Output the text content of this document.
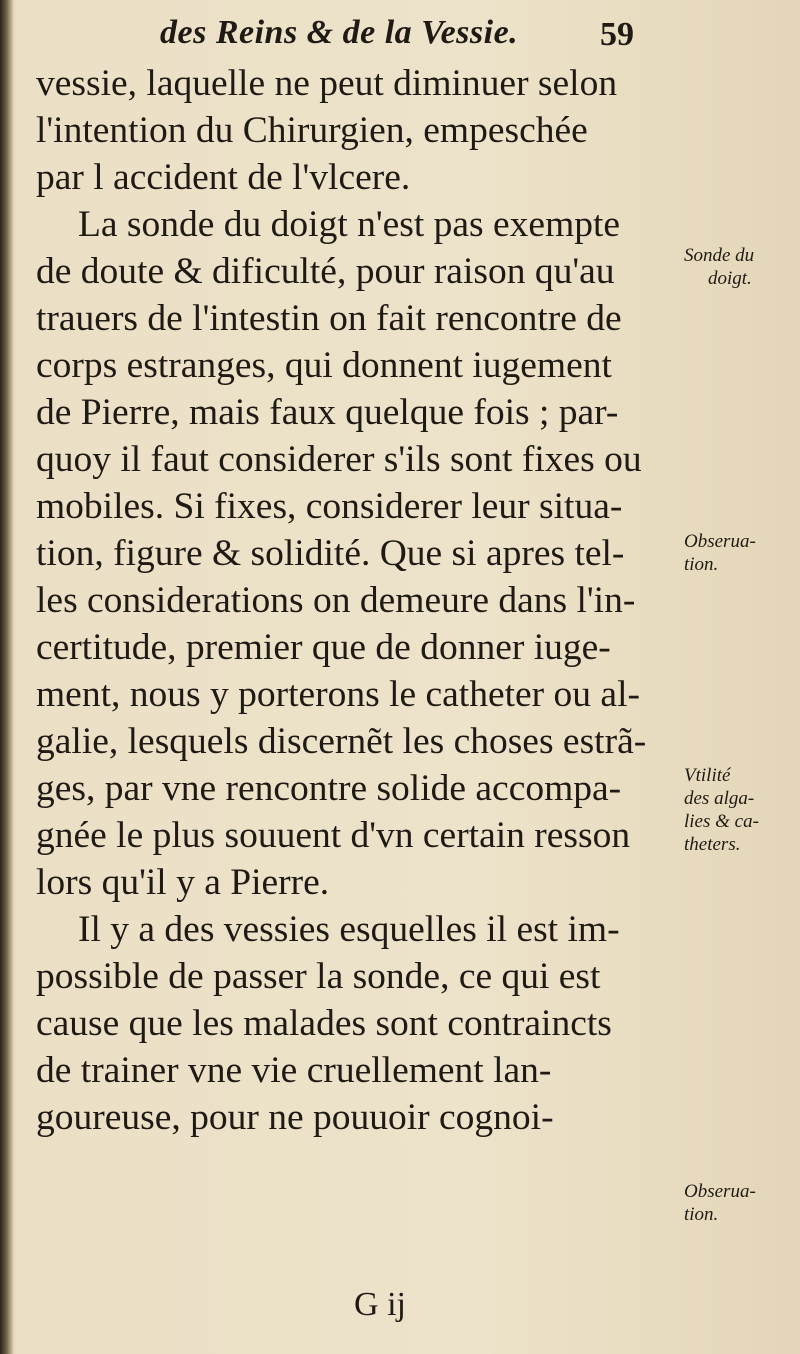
des Reins & de la Vessie. 59
vessie, laquelle ne peut diminuer selon
l'intention du Chirurgien, empeschée
par l accident de l'vlcere.
La sonde du doigt n'est pas exempte
de doute & dificulté, pour raison qu'au
trauers de l'intestin on fait rencontre de
corps estranges, qui donnent iugement
de Pierre, mais faux quelque fois ; par-
quoy il faut considerer s'ils sont fixes ou
mobiles. Si fixes, considerer leur situa-
tion, figure & solidité. Que si apres tel-
les considerations on demeure dans l'in-
certitude, premier que de donner iuge-
ment, nous y porterons le catheter ou al-
galie, lesquels discernẽt les choses estrã-
ges, par vne rencontre solide accompa-
gnée le plus souuent d'vn certain resson
lors qu'il y a Pierre.
Il y a des vessies esquelles il est im-
possible de passer la sonde, ce qui est
cause que les malades sont contraincts
de trainer vne vie cruellement lan-
goureuse, pour ne pouuoir cognoi-
Sonde du
doigt.
Obserua-
tion.
Vtilité
des alga-
lies & ca-
theters.
Obserua-
tion.
G ij
